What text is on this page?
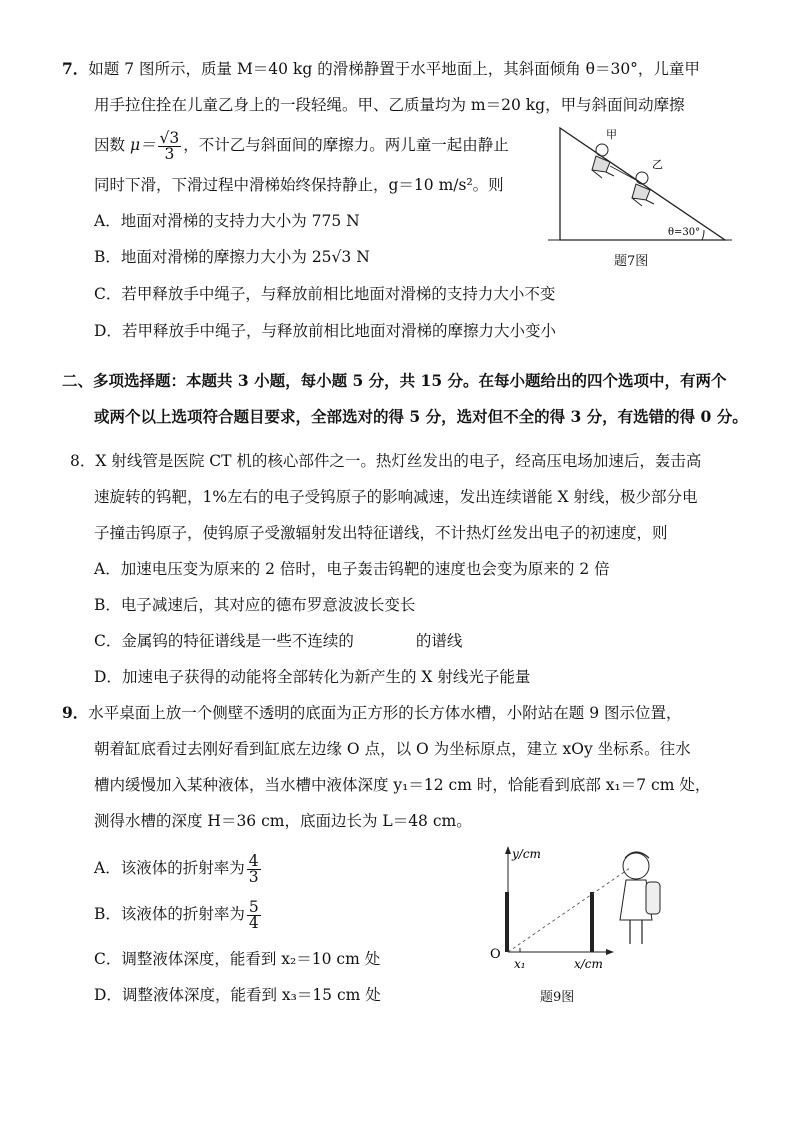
7．如题 7 图所示，质量 M＝40 kg 的滑梯静置于水平地面上，其斜面倾角 θ＝30°，儿童甲
用手拉住拴在儿童乙身上的一段轻绳。甲、乙质量均为 m＝20 kg，甲与斜面间动摩擦
因数 $\mu= \frac{√3}{3}$ ，不计乙与斜面间的摩擦力。两儿童一起由静止
同时下滑，下滑过程中滑梯始终保持静止，g＝10 m/s²。则
A．地面对滑梯的支持力大小为 775 N
B．地面对滑梯的摩擦力大小为 25√3 N
C．若甲释放手中绳子，与释放前相比地面对滑梯的支持力大小不变
D．若甲释放手中绳子，与释放前相比地面对滑梯的摩擦力大小变小
θ=30°
甲
乙
题7图
二、多项选择题：本题共 3 小题，每小题 5 分，共 15 分。在每小题给出的四个选项中，有两个
或两个以上选项符合题目要求，全部选对的得 5 分，选对但不全的得 3 分，有选错的得 0 分。
8．X 射线管是医院 CT 机的核心部件之一。热灯丝发出的电子，经高压电场加速后，轰击高
速旋转的钨靶，1%左右的电子受钨原子的影响减速，发出连续谱能 X 射线，极少部分电
子撞击钨原子，使钨原子受激辐射发出特征谱线，不计热灯丝发出电子的初速度，则
A．加速电压变为原来的 2 倍时，电子轰击钨靶的速度也会变为原来的 2 倍
B．电子减速后，其对应的德布罗意波波长变长
C．金属钨的特征谱线是一些不连续的	的谱线
D．加速电子获得的动能将全部转化为新产生的 X 射线光子能量
9．水平桌面上放一个侧壁不透明的底面为正方形的长方体水槽，小附站在题 9 图示位置，
朝着缸底看过去刚好看到缸底左边缘 O 点，以 O 为坐标原点，建立 xOy 坐标系。往水
槽内缓慢加入某种液体，当水槽中液体深度 y₁＝12 cm 时，恰能看到底部 x₁＝7 cm 处，
测得水槽的深度 H＝36 cm，底面边长为 L＝48 cm。
A．该液体的折射率为 $\frac{4}{3}$
B．该液体的折射率为 $\frac{5}{4}$
C．调整液体深度，能看到 x₂＝10 cm 处
D．调整液体深度，能看到 x₃＝15 cm 处
y/cm
x/cm
O
x₁
题9图
